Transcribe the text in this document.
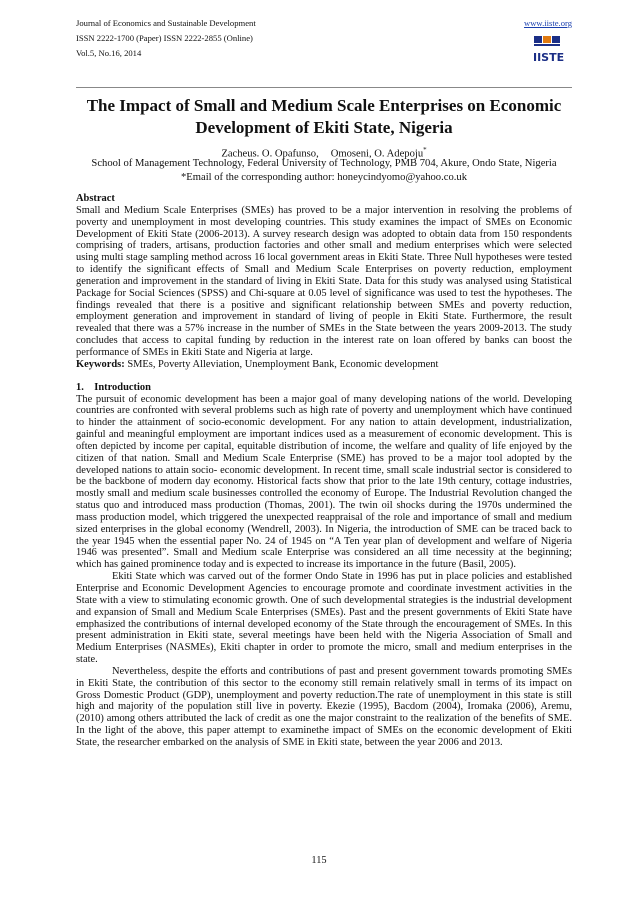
Journal of Economics and Sustainable Development
ISSN 2222-1700 (Paper) ISSN 2222-2855 (Online)
Vol.5, No.16, 2014
www.iiste.org
IISTE
The Impact of Small and Medium Scale Enterprises on Economic Development of Ekiti State, Nigeria
Zacheus. O. Opafunso, Omoseni, O. Adepoju*
School of Management Technology, Federal University of Technology, PMB 704, Akure, Ondo State, Nigeria
*Email of the corresponding author: honeycindyomo@yahoo.co.uk

Abstract

Small and Medium Scale Enterprises (SMEs) has proved to be a major intervention in resolving the problems of poverty and unemployment in most developing countries. This study examines the impact of SMEs on Economic Development of Ekiti State (2006-2013). A survey research design was adopted to obtain data from 150 respondents comprising of traders, artisans, production factories and other small and medium enterprises which were selected using multi stage sampling method across 16 local government areas in Ekiti State. Three Null hypotheses were tested to identify the significant effects of Small and Medium Scale Enterprises on poverty reduction, employment generation and improvement in the standard of living in Ekiti State. Data for this study was analysed using Statistical Package for Social Sciences (SPSS) and Chi-square at 0.05 level of significance was used to test the hypotheses. The findings revealed that there is a positive and significant relationship between SMEs and poverty reduction, employment generation and improvement in standard of living of people in Ekiti State. Furthermore, the result revealed that there was a 57% increase in the number of SMEs in the State between the years 2009-2013. The study concludes that access to capital funding by reduction in the interest rate on loan offered by banks can boost the performance of SMEs in Ekiti State and Nigeria at large.

Keywords: SMEs, Poverty Alleviation, Unemployment Bank, Economic development

1.    Introduction

The pursuit of economic development has been a major goal of many developing nations of the world. Developing countries are confronted with several problems such as high rate of poverty and unemployment which have continued to hinder the attainment of socio-economic development. For any nation to attain development, industrialization, gainful and meaningful employment are important indices used as a measurement of economic development. This is often depicted by income per capital, equitable distribution of income, the welfare and quality of life enjoyed by the citizen of that nation. Small and Medium Scale Enterprise (SME) has proved to be a major tool adopted by the developed nations to attain socio- economic development. In recent time, small scale industrial sector is considered to be the backbone of modern day economy. Historical facts show that prior to the late 19th century, cottage industries, mostly small and medium scale businesses controlled the economy of Europe. The Industrial Revolution changed the status quo and introduced mass production (Thomas, 2001). The twin oil shocks during the 1970s undermined the mass production model, which triggered the unexpected reappraisal of the role and importance of small and medium sized enterprises in the global economy (Wendrell, 2003). In Nigeria, the introduction of SME can be traced back to the year 1945 when the essential paper No. 24 of 1945 on “A Ten year plan of development and welfare of Nigeria 1946 was presented”. Small and Medium scale Enterprise was considered an all time necessity at the beginning; which has gained prominence today and is expected to increase its importance in the future (Basil, 2005).

Ekiti State which was carved out of the former Ondo State in 1996 has put in place policies and established Enterprise and Economic Development Agencies to encourage promote and coordinate investment activities in the State with a view to stimulating economic growth. One of such developmental strategies is the industrial development and expansion of Small and Medium Scale Enterprises (SMEs). Past and the present governments of Ekiti State have emphasized the contributions of internal developed economy of the State through the encouragement of SMEs. In this present administration in Ekiti state, several meetings have been held with the Nigeria Association of Small and Medium Enterprises (NASMEs), Ekiti chapter in order to promote the micro, small and medium enterprises in the state.

Nevertheless, despite the efforts and contributions of past and present government towards promoting SMEs in Ekiti State, the contribution of this sector to the economy still remain relatively small in terms of its impact on Gross Domestic Product (GDP), unemployment and poverty reduction.The rate of unemployment in this state is still high and majority of the population still live in poverty. Ekezie (1995), Bacdom (2004), Iromaka (2006), Aremu, (2010) among others attributed the lack of credit as one the major constraint to the realization of the benefits of SME. In the light of the above, this paper attempt to examinethe impact of SMEs on the economic development of Ekiti State, the researcher embarked on the analysis of SME in Ekiti state, between the year 2006 and 2013.

115
